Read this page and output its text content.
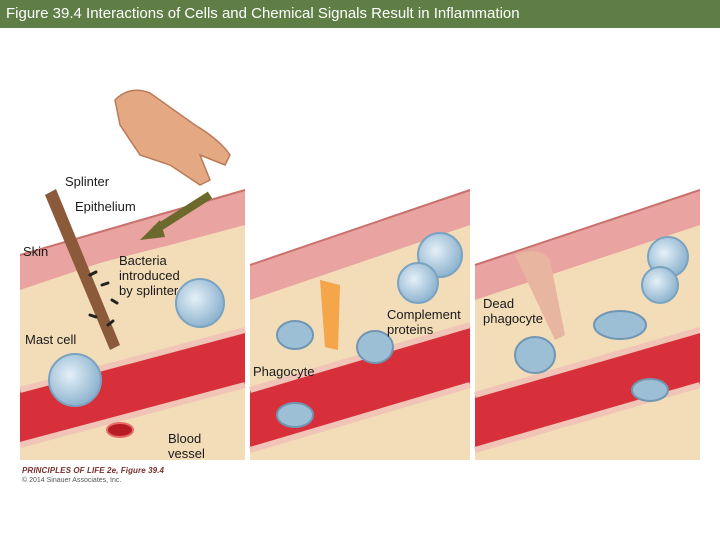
Figure 39.4 Interactions of Cells and Chemical Signals Result in Inflammation
Splinter
Epithelium
Skin
Bacteria
introduced
by splinter
Mast cell
Blood
vessel
Complement
proteins
Phagocyte
Dead
phagocyte
PRINCIPLES OF LIFE 2e, Figure 39.4
© 2014 Sinauer Associates, Inc.
